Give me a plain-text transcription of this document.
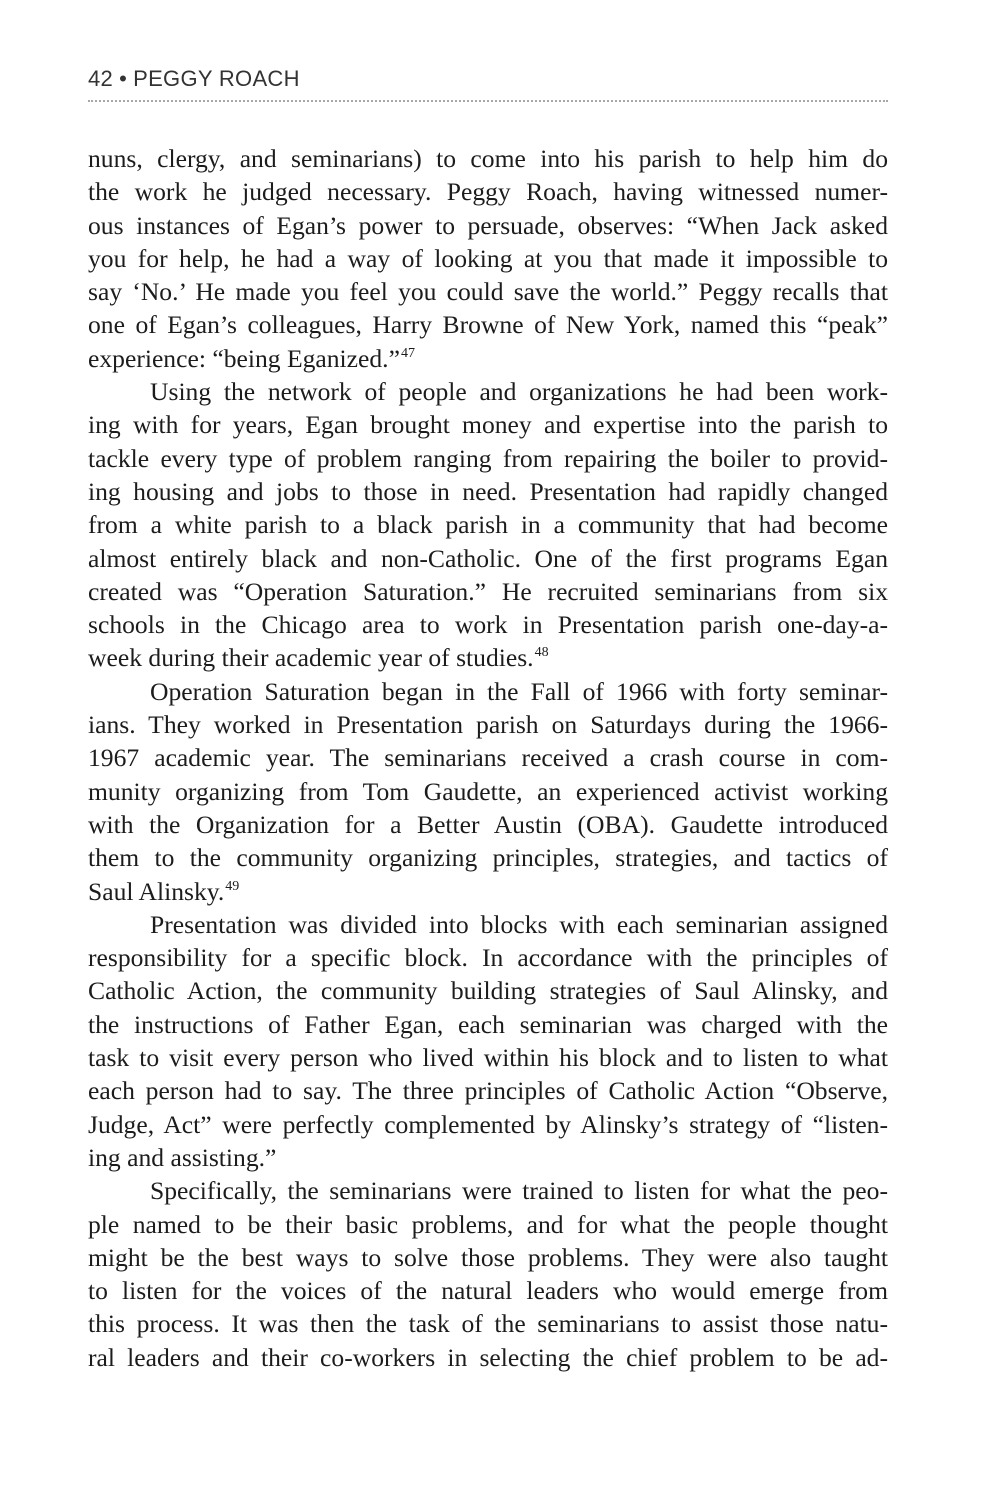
42 • PEGGY ROACH

nuns, clergy, and seminarians) to come into his parish to help him do
the work he judged necessary. Peggy Roach, having witnessed numer-
ous instances of Egan’s power to persuade, observes: “When Jack asked
you for help, he had a way of looking at you that made it impossible to
say ‘No.’ He made you feel you could save the world.” Peggy recalls that
one of Egan’s colleagues, Harry Browne of New York, named this “peak”
experience: “being Eganized.”$^{47}$

Using the network of people and organizations he had been work-
ing with for years, Egan brought money and expertise into the parish to
tackle every type of problem ranging from repairing the boiler to provid-
ing housing and jobs to those in need. Presentation had rapidly changed
from a white parish to a black parish in a community that had become
almost entirely black and non-Catholic. One of the first programs Egan
created was “Operation Saturation.” He recruited seminarians from six
schools in the Chicago area to work in Presentation parish one-day-a-
week during their academic year of studies.$^{48}$

Operation Saturation began in the Fall of 1966 with forty seminar-
ians. They worked in Presentation parish on Saturdays during the 1966-
1967 academic year. The seminarians received a crash course in com-
munity organizing from Tom Gaudette, an experienced activist working
with the Organization for a Better Austin (OBA). Gaudette introduced
them to the community organizing principles, strategies, and tactics of
Saul Alinsky.$^{49}$

Presentation was divided into blocks with each seminarian assigned
responsibility for a specific block. In accordance with the principles of
Catholic Action, the community building strategies of Saul Alinsky, and
the instructions of Father Egan, each seminarian was charged with the
task to visit every person who lived within his block and to listen to what
each person had to say. The three principles of Catholic Action “Observe,
Judge, Act” were perfectly complemented by Alinsky’s strategy of “listen-
ing and assisting.”

Specifically, the seminarians were trained to listen for what the peo-
ple named to be their basic problems, and for what the people thought
might be the best ways to solve those problems. They were also taught
to listen for the voices of the natural leaders who would emerge from
this process. It was then the task of the seminarians to assist those natu-
ral leaders and their co-workers in selecting the chief problem to be ad-
